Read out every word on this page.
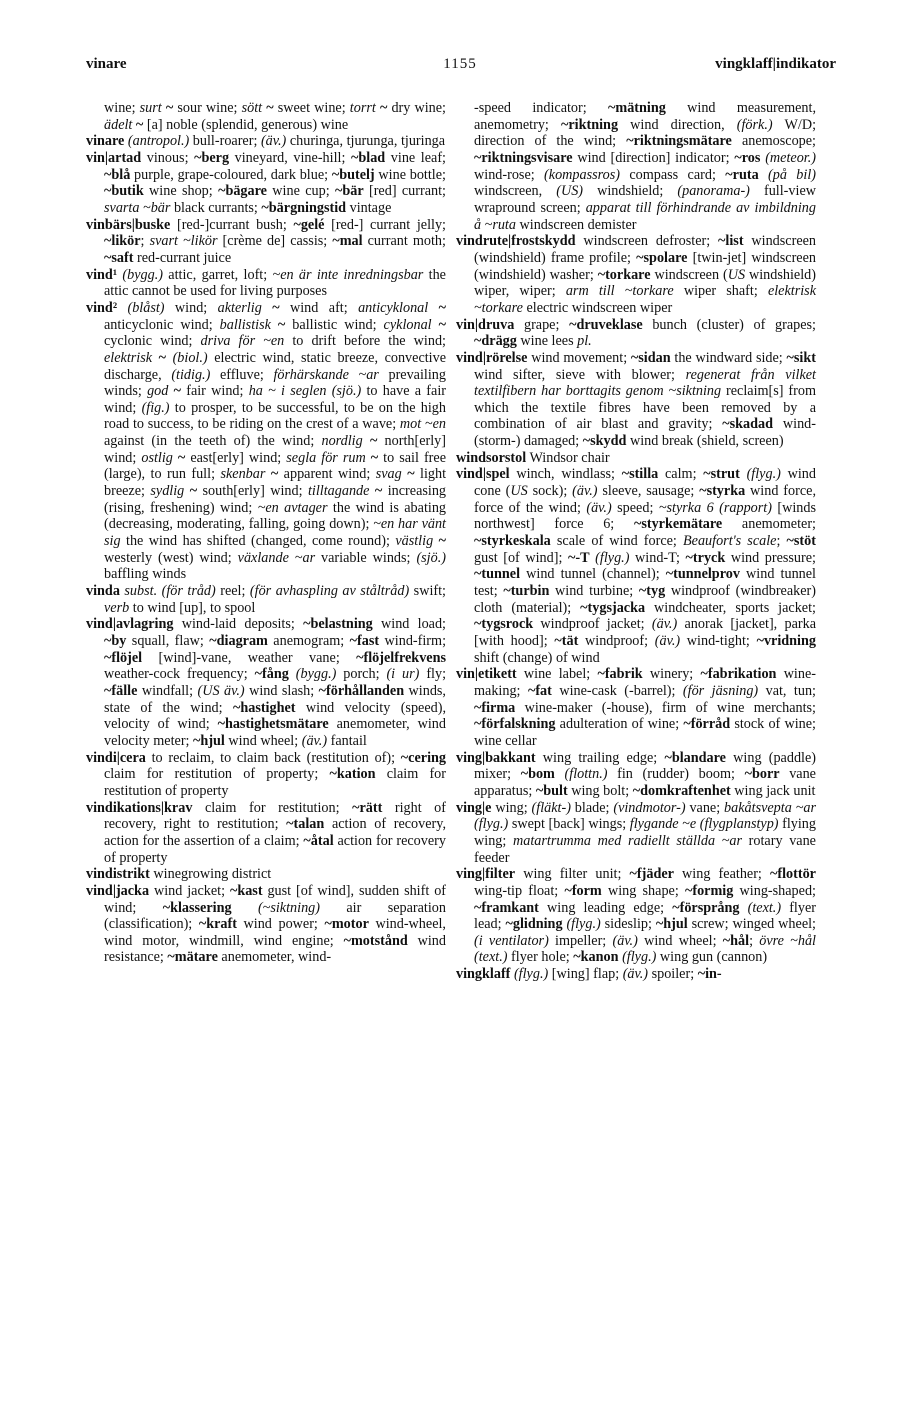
vinare	1155	vingklaff|indikator

wine; surt ~ sour wine; sött ~ sweet wine; torrt ~ dry wine; ädelt ~ [a] noble (splendid, generous) wine

vinare (antropol.) bull-roarer; (äv.) churinga, tjurunga, tjuringa

vin|artad vinous; ~berg vineyard, vine-hill; ~blad vine leaf; ~blå purple, grape-coloured, dark blue; ~butelj wine bottle; ~butik wine shop; ~bägare wine cup; ~bär [red] currant; svarta ~bär black currants; ~bärgningstid vintage

vinbärs|buske [red-]currant bush; ~gelé [red-] currant jelly; ~likör; svart ~likör [crème de] cassis; ~mal currant moth; ~saft red-currant juice

vind¹ (bygg.) attic, garret, loft; ~en är inte inredningsbar the attic cannot be used for living purposes

vind² (blåst) wind; akterlig ~ wind aft; anticyklonal ~ anticyclonic wind; ballistisk ~ ballistic wind; cyklonal ~ cyclonic wind; driva för ~en to drift before the wind; elektrisk ~ (biol.) electric wind, static breeze, convective discharge, (tidig.) effluve; förhärskande ~ar prevailing winds; god ~ fair wind; ha ~ i seglen (sjö.) to have a fair wind; (fig.) to prosper, to be successful, to be on the high road to success, to be riding on the crest of a wave; mot ~en against (in the teeth of) the wind; nordlig ~ north[erly] wind; ostlig ~ east[erly] wind; segla för rum ~ to sail free (large), to run full; skenbar ~ apparent wind; svag ~ light breeze; sydlig ~ south[erly] wind; tilltagande ~ increasing (rising, freshening) wind; ~en avtager the wind is abating (decreasing, moderating, falling, going down); ~en har vänt sig the wind has shifted (changed, come round); västlig ~ westerly (west) wind; växlande ~ar variable winds; (sjö.) baffling winds

vinda subst. (för tråd) reel; (för avhaspling av ståltråd) swift; verb to wind [up], to spool

vind|avlagring wind-laid deposits; ~belastning wind load; ~by squall, flaw; ~diagram anemogram; ~fast wind-firm; ~flöjel [wind]-vane, weather vane; ~flöjelfrekvens weather-cock frequency; ~fång (bygg.) porch; (i ur) fly; ~fälle windfall; (US äv.) wind slash; ~förhållanden winds, state of the wind; ~hastighet wind velocity (speed), velocity of wind; ~hastighetsmätare anemometer, wind velocity meter; ~hjul wind wheel; (äv.) fantail

vindi|cera to reclaim, to claim back (restitution of); ~cering claim for restitution of property; ~kation claim for restitution of property

vindikations|krav claim for restitution; ~rätt right of recovery, right to restitution; ~talan action of recovery, action for the assertion of a claim; ~åtal action for recovery of property

vindistrikt winegrowing district

vind|jacka wind jacket; ~kast gust [of wind], sudden shift of wind; ~klassering (~siktning) air separation (classification); ~kraft wind power; ~motor wind-wheel, wind motor, windmill, wind engine; ~motstånd wind resistance; ~mätare anemometer, wind-

-speed indicator; ~mätning wind measurement, anemometry; ~riktning wind direction, (förk.) W/D; direction of the wind; ~riktningsmätare anemoscope; ~riktningsvisare wind [direction] indicator; ~ros (meteor.) wind-rose; (kompassros) compass card; ~ruta (på bil) windscreen, (US) windshield; (panorama-) full-view wrapround screen; apparat till förhindrande av imbildning å ~ruta windscreen demister

vindrute|frostskydd windscreen defroster; ~list windscreen (windshield) frame profile; ~spolare [twin-jet] windscreen (windshield) washer; ~torkare windscreen (US windshield) wiper, wiper; arm till ~torkare wiper shaft; elektrisk ~torkare electric windscreen wiper

vin|druva grape; ~druveklase bunch (cluster) of grapes; ~drägg wine lees pl.

vind|rörelse wind movement; ~sidan the windward side; ~sikt wind sifter, sieve with blower; regenerat från vilket textilfibern har borttagits genom ~siktning reclaim[s] from which the textile fibres have been removed by a combination of air blast and gravity; ~skadad wind- (storm-) damaged; ~skydd wind break (shield, screen)

windsorstol Windsor chair

vind|spel winch, windlass; ~stilla calm; ~strut (flyg.) wind cone (US sock); (äv.) sleeve, sausage; ~styrka wind force, force of the wind; (äv.) speed; ~styrka 6 (rapport) [winds northwest] force 6; ~styrkemätare anemometer; ~styrkeskala scale of wind force; Beaufort's scale; ~stöt gust [of wind]; ~-T (flyg.) wind-T; ~tryck wind pressure; ~tunnel wind tunnel (channel); ~tunnelprov wind tunnel test; ~turbin wind turbine; ~tyg windproof (windbreaker) cloth (material); ~tygsjacka windcheater, sports jacket; ~tygsrock windproof jacket; (äv.) anorak [jacket], parka [with hood]; ~tät windproof; (äv.) wind-tight; ~vridning shift (change) of wind

vin|etikett wine label; ~fabrik winery; ~fabrikation wine-making; ~fat wine-cask (-barrel); (för jäsning) vat, tun; ~firma wine-maker (-house), firm of wine merchants; ~förfalskning adulteration of wine; ~förråd stock of wine; wine cellar

ving|bakkant wing trailing edge; ~blandare wing (paddle) mixer; ~bom (flottn.) fin (rudder) boom; ~borr vane apparatus; ~bult wing bolt; ~domkraftenhet wing jack unit

ving|e wing; (fläkt-) blade; (vindmotor-) vane; bakåtsvepta ~ar (flyg.) swept [back] wings; flygande ~e (flygplanstyp) flying wing; matartrumma med radiellt ställda ~ar rotary vane feeder

ving|filter wing filter unit; ~fjäder wing feather; ~flottör wing-tip float; ~form wing shape; ~formig wing-shaped; ~framkant wing leading edge; ~försprång (text.) flyer lead; ~glidning (flyg.) sideslip; ~hjul screw; winged wheel; (i ventilator) impeller; (äv.) wind wheel; ~hål; övre ~hål (text.) flyer hole; ~kanon (flyg.) wing gun (cannon)

vingklaff (flyg.) [wing] flap; (äv.) spoiler; ~in-
